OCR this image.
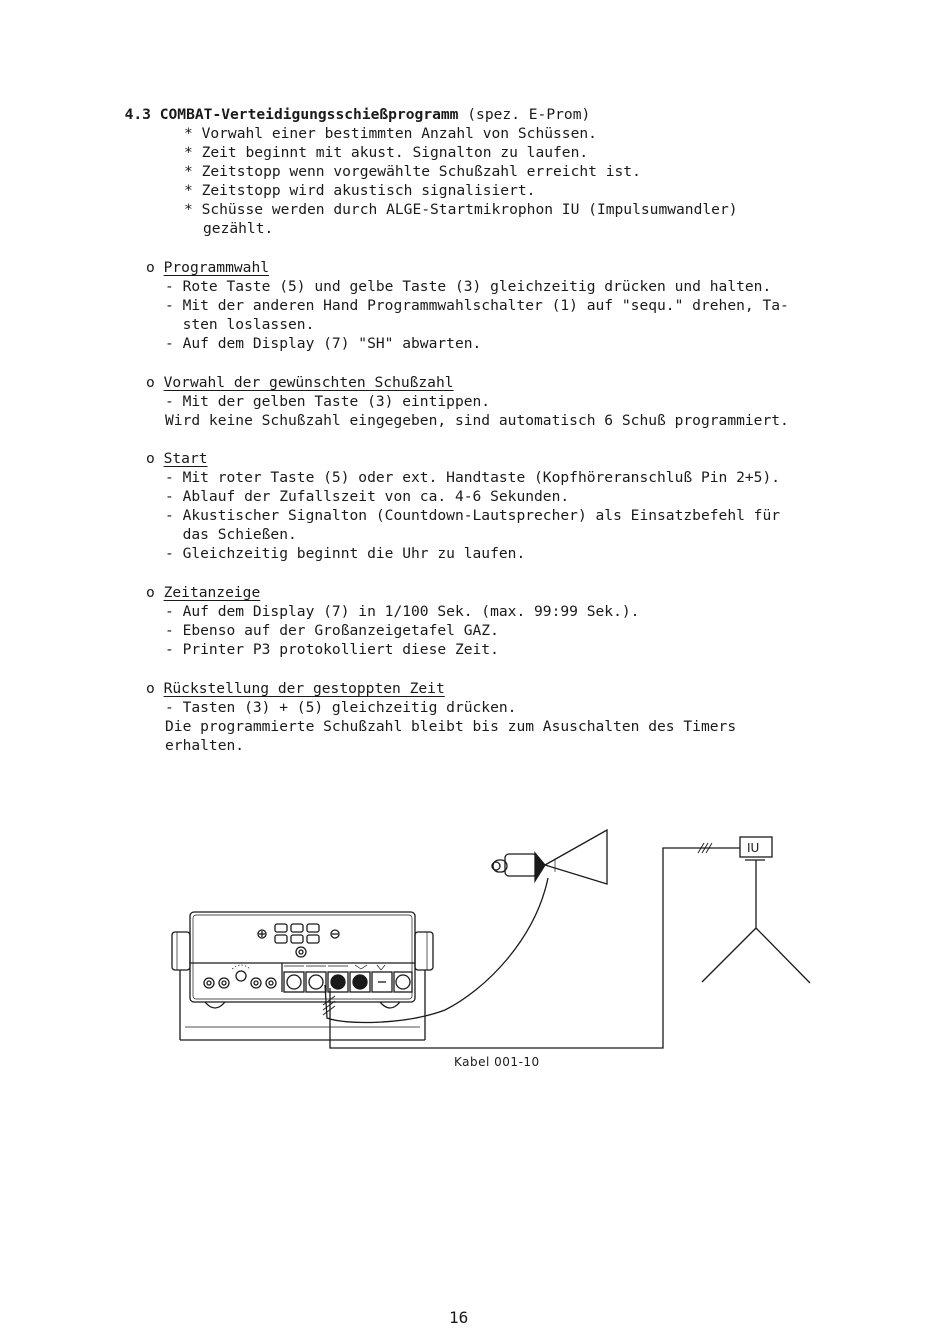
4.3 COMBAT-Verteidigungsschießprogramm (spez. E-Prom)

* Vorwahl einer bestimmten Anzahl von Schüssen.
* Zeit beginnt mit akust. Signalton zu laufen.
* Zeitstopp wenn vorgewählte Schußzahl erreicht ist.
* Zeitstopp wird akustisch signalisiert.
* Schüsse werden durch ALGE-Startmikrophon IU (Impulsumwandler)
gezählt.
o Programmwahl
- Rote Taste (5) und gelbe Taste (3) gleichzeitig drücken und halten.
- Mit der anderen Hand Programmwahlschalter (1) auf "sequ." drehen, Ta-
sten loslassen.
- Auf dem Display (7) "SH" abwarten.
o Vorwahl der gewünschten Schußzahl
- Mit der gelben Taste (3) eintippen.
Wird keine Schußzahl eingegeben, sind automatisch 6 Schuß programmiert.
o Start
- Mit roter Taste (5) oder ext. Handtaste (Kopfhöreranschluß Pin 2+5).
- Ablauf der Zufallszeit von ca. 4-6 Sekunden.
- Akustischer Signalton (Countdown-Lautsprecher) als Einsatzbefehl für
das Schießen.
- Gleichzeitig beginnt die Uhr zu laufen.
o Zeitanzeige
- Auf dem Display (7) in 1/100 Sek. (max. 99:99 Sek.).
- Ebenso auf der Großanzeigetafel GAZ.
- Printer P3 protokolliert diese Zeit.
o Rückstellung der gestoppten Zeit
- Tasten (3) + (5) gleichzeitig drücken.
Die programmierte Schußzahl bleibt bis zum Asuschalten des Timers
erhalten.
IU
Kabel 001-10
16
